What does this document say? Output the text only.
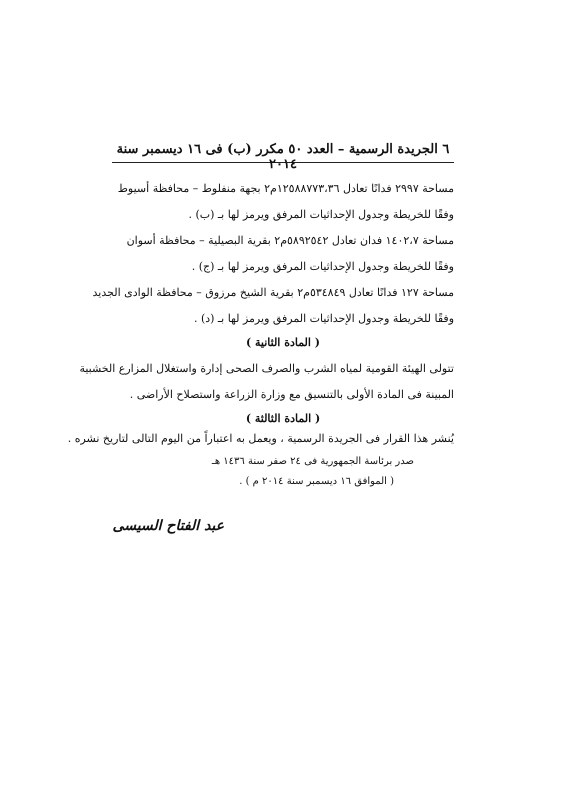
٦ الجريدة الرسمية – العدد ٥٠ مكرر (ب) فى ١٦ ديسمبر سنة ٢٠١٤
مساحة ٢٩٩٧ فدانًا تعادل ١٢٥٨٨٧٧٣،٣٦م٢ بجهة منفلوط – محافظة أسيوط
وفقًا للخريطة وجدول الإحداثيات المرفق ويرمز لها بـ (ب) .
مساحة ١٤٠٢،٧ فدان تعادل ٥٨٩٢٥٤٢م٢ بقرية البصيلية – محافظة أسوان
وفقًا للخريطة وجدول الإحداثيات المرفق ويرمز لها بـ (ج) .
مساحة ١٢٧ فدانًا تعادل ٥٣٤٨٤٩م٢ بقرية الشيخ مرزوق – محافظة الوادى الجديد
وفقًا للخريطة وجدول الإحداثيات المرفق ويرمز لها بـ (د) .
( المادة الثانية )
تتولى الهيئة القومية لمياه الشرب والصرف الصحى إدارة واستغلال المزارع الخشبية
المبينة فى المادة الأولى بالتنسيق مع وزارة الزراعة واستصلاح الأراضى .
( المادة الثالثة )
يُنشر هذا القرار فى الجريدة الرسمية ، ويعمل به اعتباراً من اليوم التالى لتاريخ نشره .
صدر برئاسة الجمهورية فى ٢٤ صفر سنة ١٤٣٦ هـ
( الموافق ١٦ ديسمبر سنة ٢٠١٤ م ) .
عبد الفتاح السيسى
